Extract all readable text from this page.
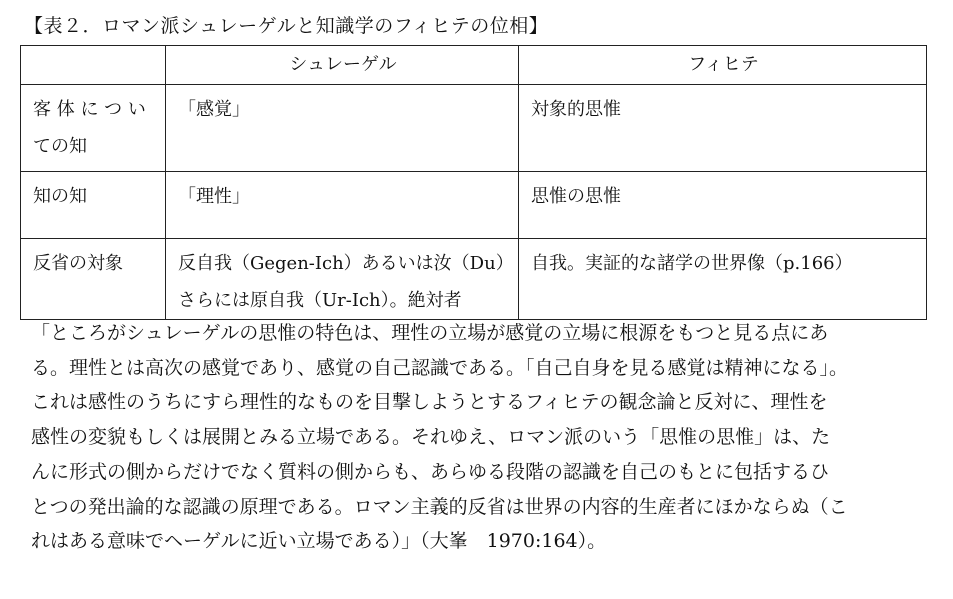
【表２．ロマン派シュレーゲルと知識学のフィヒテの位相】
	シュレーゲル	フィヒテ

客 体 に つ い
ての知	「感覚」	対象的思惟

知の知	「理性」	思惟の思惟

反省の対象	反自我（Gegen-Ich）あるいは汝（Du）
さらには原自我（Ur-Ich）。絶対者	自我。実証的な諸学の世界像（p.166）
「ところがシュレーゲルの思惟の特色は、理性の立場が感覚の立場に根源をもつと見る点にあ
る。理性とは高次の感覚であり、感覚の自己認識である。「自己自身を見る感覚は精神になる」。
これは感性のうちにすら理性的なものを目撃しようとするフィヒテの観念論と反対に、理性を
感性の変貌もしくは展開とみる立場である。それゆえ、ロマン派のいう「思惟の思惟」は、た
んに形式の側からだけでなく質料の側からも、あらゆる段階の認識を自己のもとに包括するひ
とつの発出論的な認識の原理である。ロマン主義的反省は世界の内容的生産者にほかならぬ（こ
れはある意味でヘーゲルに近い立場である）」（大峯　1970:164）。
